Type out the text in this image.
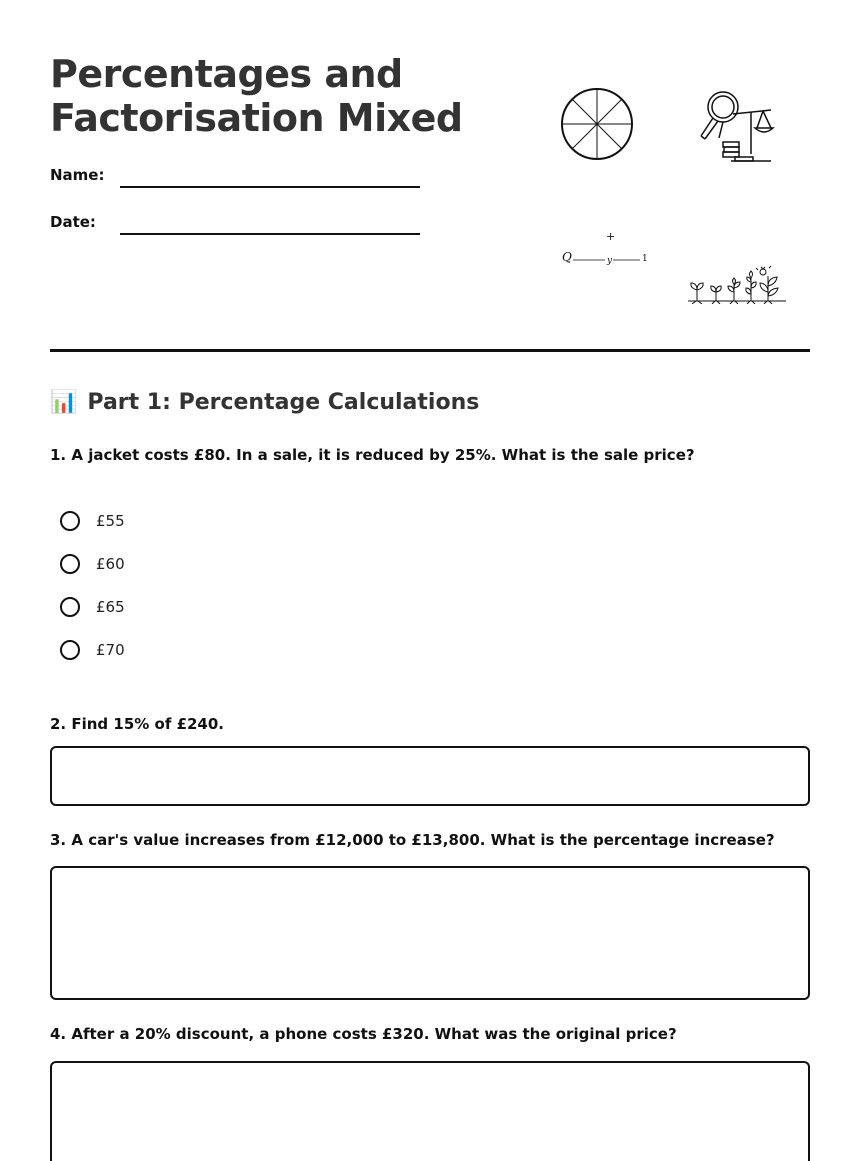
Percentages and
Factorisation Mixed
Name:
Date:
+
Q	y	1
📊 Part 1: Percentage Calculations

1. A jacket costs £80. In a sale, it is reduced by 25%. What is the sale price?

£55
£60
£65
£70

2. Find 15% of £240.

3. A car's value increases from £12,000 to £13,800. What is the percentage increase?

4. After a 20% discount, a phone costs £320. What was the original price?
